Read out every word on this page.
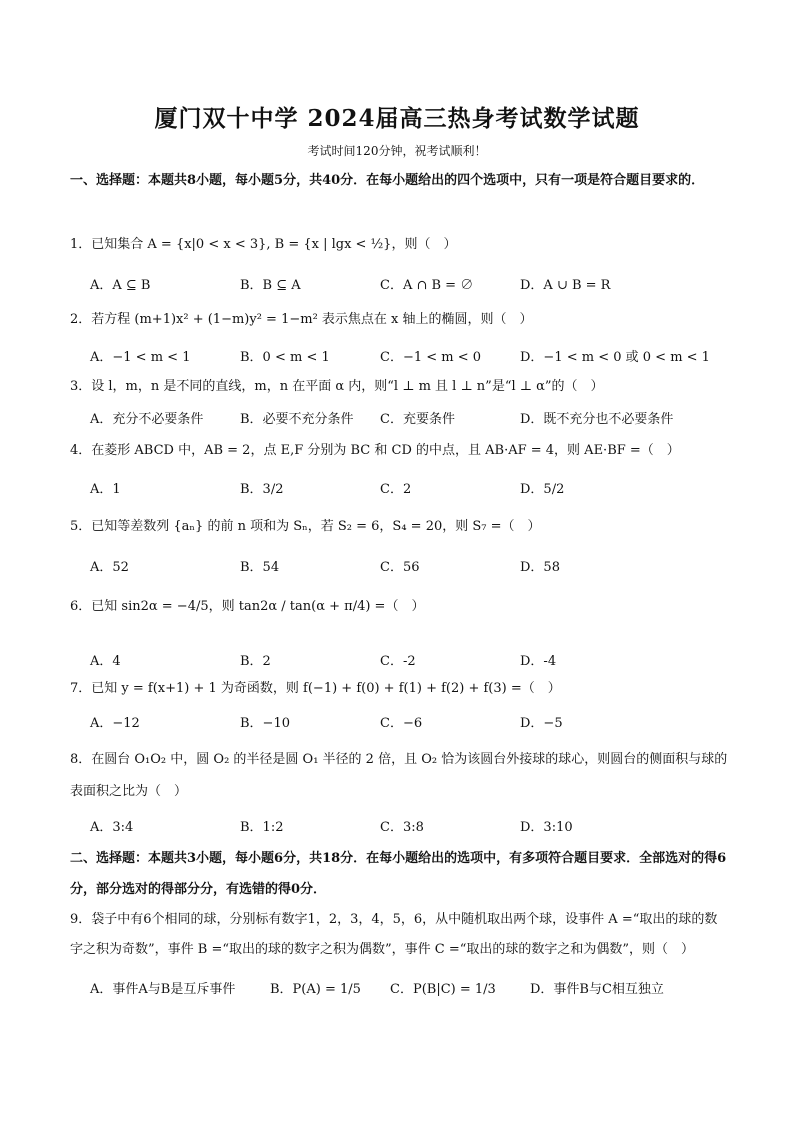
厦门双十中学 2024届高三热身考试数学试题
考试时间120分钟，祝考试顺利！
一、选择题：本题共8小题，每小题5分，共40分．在每小题给出的四个选项中，只有一项是符合题目要求的．
1．已知集合 A = {x|0 < x < 3}, B = {x | lgx < ½}，则（　）
A．A ⊆ B	B．B ⊆ A	C．A ∩ B = ∅	D．A ∪ B = R
2．若方程 (m+1)x² + (1−m)y² = 1−m² 表示焦点在 x 轴上的椭圆，则（　）
A．−1 < m < 1	B．0 < m < 1	C．−1 < m < 0	D．−1 < m < 0 或 0 < m < 1
3．设 l，m，n 是不同的直线，m，n 在平面 α 内，则“l ⊥ m 且 l ⊥ n”是“l ⊥ α”的（　）
A．充分不必要条件	B．必要不充分条件 C．充要条件	D．既不充分也不必要条件
4．在菱形 ABCD 中，AB = 2，点 E,F 分别为 BC 和 CD 的中点，且 AB·AF = 4，则 AE·BF =（　）
A．1	B．3/2	C．2	D．5/2
5．已知等差数列 {aₙ} 的前 n 项和为 Sₙ，若 S₂ = 6，S₄ = 20，则 S₇ =（　）
A．52	B．54	C．56	D．58
6．已知 sin2α = −4/5，则 tan2α / tan(α + π/4) =（　）
A．4	B．2	C．-2	D．-4
7．已知 y = f(x+1) + 1 为奇函数，则 f(−1) + f(0) + f(1) + f(2) + f(3) =（　）
A．−12	B．−10	C．−6	D．−5
8．在圆台 O₁O₂ 中，圆 O₂ 的半径是圆 O₁ 半径的 2 倍，且 O₂ 恰为该圆台外接球的球心，则圆台的侧面积与球的表面积之比为（　）
A．3:4	B．1:2	C．3:8	D．3:10
二、选择题：本题共3小题，每小题6分，共18分．在每小题给出的选项中，有多项符合题目要求．全部选对的得6分，部分选对的得部分分，有选错的得0分．
9．袋子中有6个相同的球，分别标有数字1，2，3，4，5，6，从中随机取出两个球，设事件 A =“取出的球的数字之积为奇数”，事件 B =“取出的球的数字之积为偶数”，事件 C =“取出的球的数字之和为偶数”，则（　）
A．事件A与B是互斥事件	B．P(A) = 1/5 C．P(B|C) = 1/3	D．事件B与C相互独立
